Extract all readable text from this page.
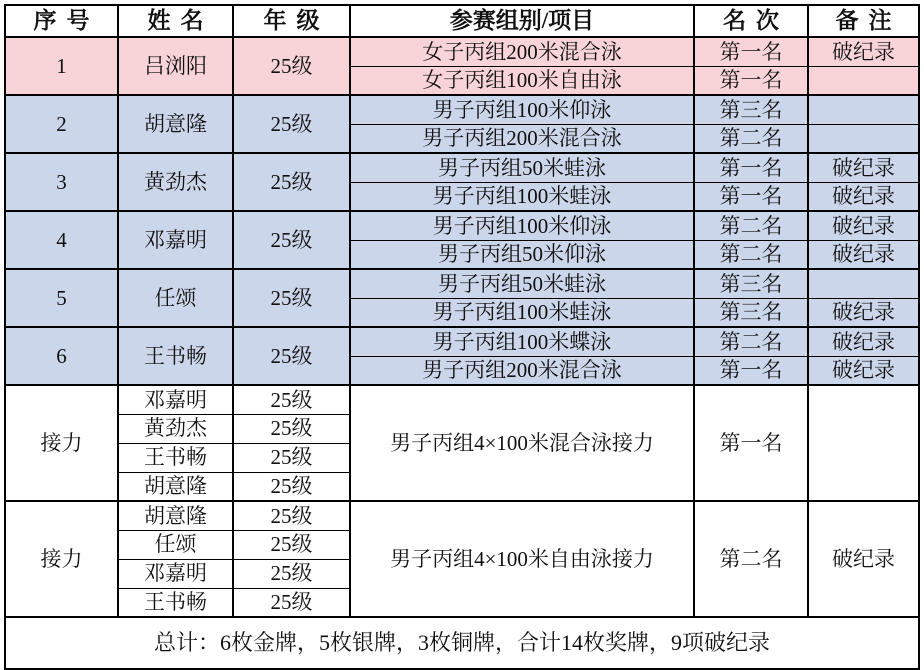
序号	姓名	年级	参赛组别/项目	名次	备注
1	吕浏阳	25级	女子丙组200米混合泳	第一名	破纪录
			女子丙组100米自由泳	第一名	
2	胡意隆	25级	男子丙组100米仰泳	第三名	
			男子丙组200米混合泳	第二名	
3	黄劲杰	25级	男子丙组50米蛙泳	第一名	破纪录
			男子丙组100米蛙泳	第一名	破纪录
4	邓嘉明	25级	男子丙组100米仰泳	第二名	破纪录
			男子丙组50米仰泳	第二名	破纪录
5	任颂	25级	男子丙组50米蛙泳	第三名	
			男子丙组100米蛙泳	第三名	破纪录
6	王书畅	25级	男子丙组100米蝶泳	第二名	破纪录
			男子丙组200米混合泳	第一名	破纪录
接力	邓嘉明	25级	男子丙组4×100米混合泳接力	第一名	
	黄劲杰	25级			
	王书畅	25级			
	胡意隆	25级			
接力	胡意隆	25级	男子丙组4×100米自由泳接力	第二名	破纪录
	任颂	25级			
	邓嘉明	25级			
	王书畅	25级			
总计：6枚金牌，5枚银牌，3枚铜牌，合计14枚奖牌，9项破纪录					
